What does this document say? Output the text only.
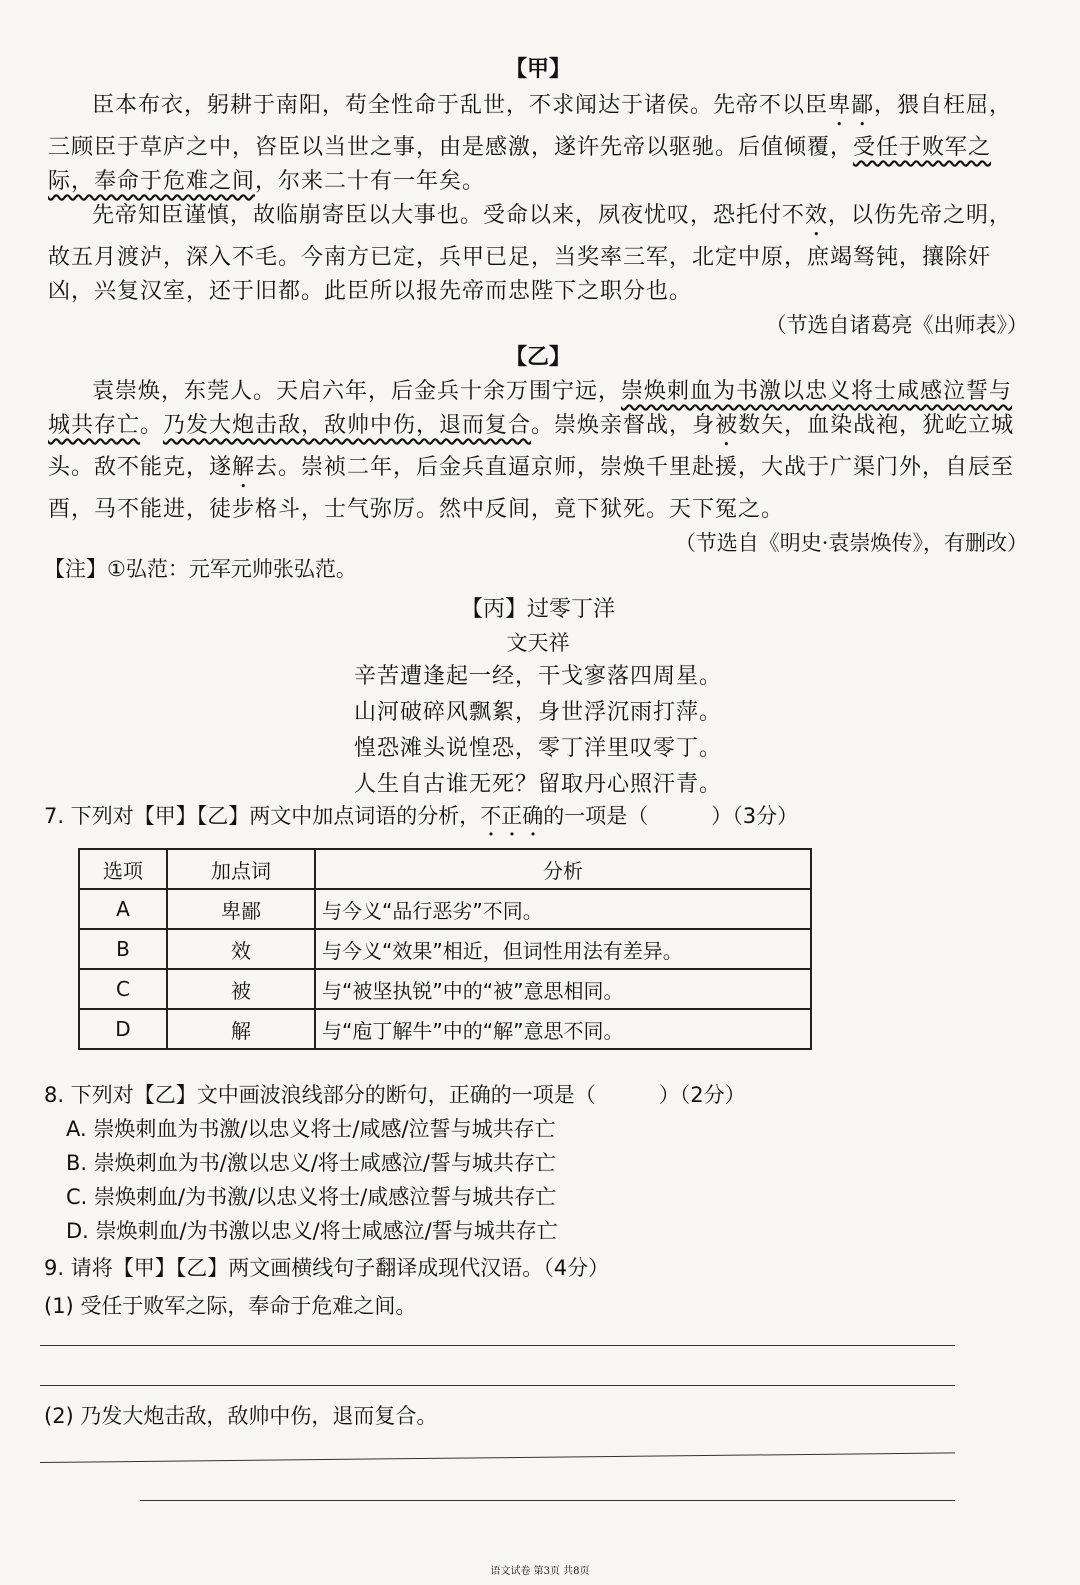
【甲】

臣本布衣，躬耕于南阳，苟全性命于乱世，不求闻达于诸侯。先帝不以臣卑鄙，猥自枉屈，三顾臣于草庐之中，咨臣以当世之事，由是感激，遂许先帝以驱驰。后值倾覆，受任于败军之际，奉命于危难之间，尔来二十有一年矣。

先帝知臣谨慎，故临崩寄臣以大事也。受命以来，夙夜忧叹，恐托付不效，以伤先帝之明，故五月渡泸，深入不毛。今南方已定，兵甲已足，当奖率三军，北定中原，庶竭驽钝，攘除奸凶，兴复汉室，还于旧都。此臣所以报先帝而忠陛下之职分也。

（节选自诸葛亮《出师表》）

【乙】

袁崇焕，东莞人。天启六年，后金兵十余万围宁远，崇焕刺血为书激以忠义将士咸感泣誓与城共存亡。乃发大炮击敌，敌帅中伤，退而复合。崇焕亲督战，身被数矢，血染战袍，犹屹立城头。敌不能克，遂解去。崇祯二年，后金兵直逼京师，崇焕千里赴援，大战于广渠门外，自辰至酉，马不能进，徒步格斗，士气弥厉。然中反间，竟下狱死。天下冤之。

（节选自《明史·袁崇焕传》，有删改）

【注】①弘范：元军元帅张弘范。

【丙】过零丁洋

文天祥

辛苦遭逢起一经，干戈寥落四周星。

山河破碎风飘絮，身世浮沉雨打萍。

惶恐滩头说惶恐，零丁洋里叹零丁。

人生自古谁无死？留取丹心照汗青。

7. 下列对【甲】【乙】两文中加点词语的分析，不正确的一项是（　　　）（3分）

选项	加点词	分析
A	卑鄙	与今义“品行恶劣”不同。
B	效	与今义“效果”相近，但词性用法有差异。
C	被	与“被坚执锐”中的“被”意思相同。
D	解	与“庖丁解牛”中的“解”意思不同。

8. 下列对【乙】文中画波浪线部分的断句，正确的一项是（　　　）（2分）

A. 崇焕刺血为书激/以忠义将士/咸感/泣誓与城共存亡

B. 崇焕刺血为书/激以忠义/将士咸感泣/誓与城共存亡

C. 崇焕刺血/为书激/以忠义将士/咸感泣誓与城共存亡

D. 崇焕刺血/为书激以忠义/将士咸感泣/誓与城共存亡

9. 请将【甲】【乙】两文画横线句子翻译成现代汉语。（4分）

(1) 受任于败军之际，奉命于危难之间。

(2) 乃发大炮击敌，敌帅中伤，退而复合。

语文试卷 第3页 共8页
